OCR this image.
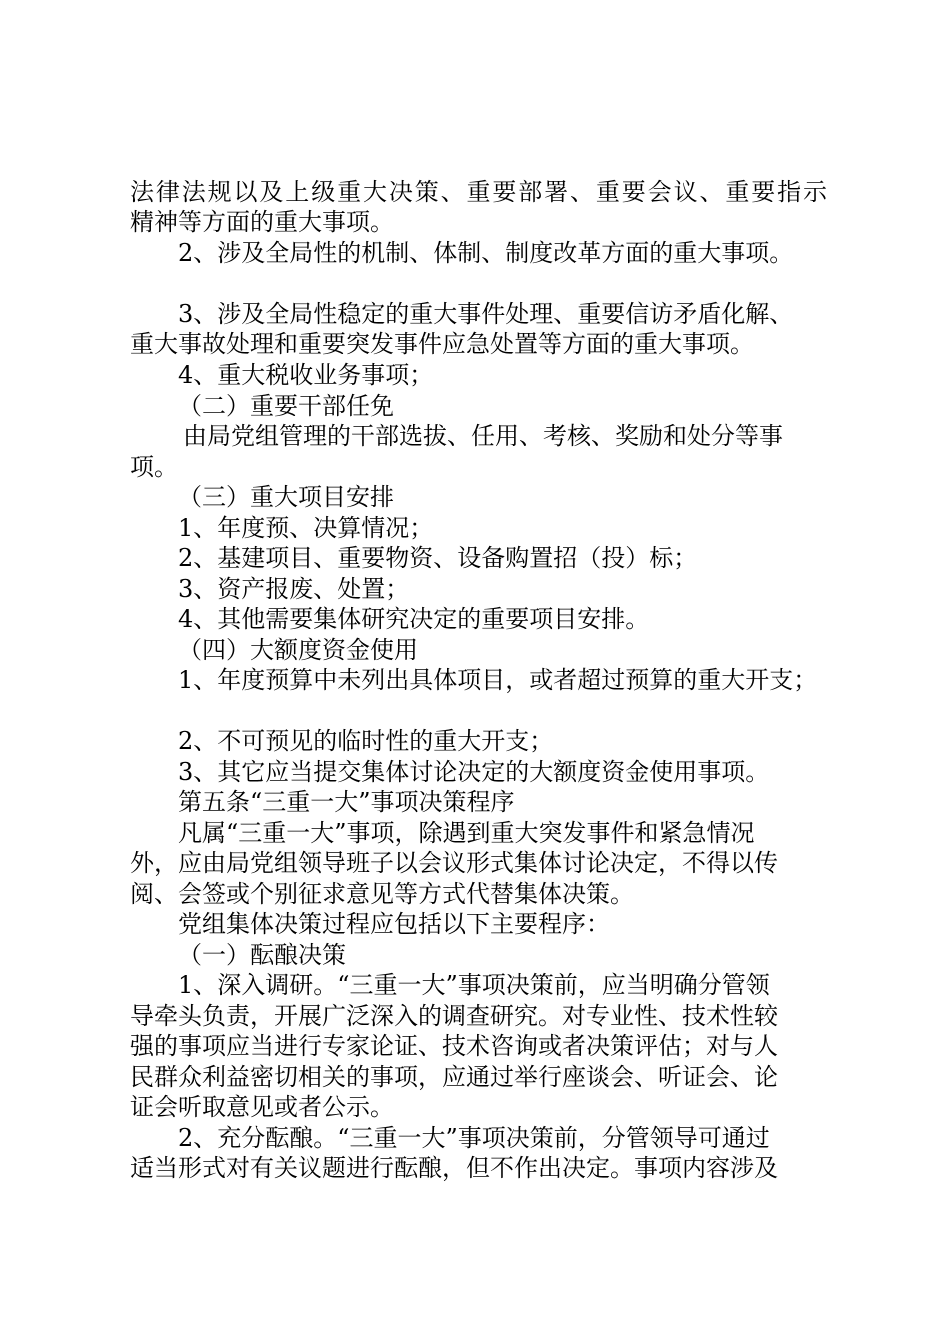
法律法规以及上级重大决策、重要部署、重要会议、重要指示
精神等方面的重大事项。
2、涉及全局性的机制、体制、制度改革方面的重大事项。
3、涉及全局性稳定的重大事件处理、重要信访矛盾化解、
重大事故处理和重要突发事件应急处置等方面的重大事项。
4、重大税收业务事项；
（二）重要干部任免
由局党组管理的干部选拔、任用、考核、奖励和处分等事
项。
（三）重大项目安排
1、年度预、决算情况；
2、基建项目、重要物资、设备购置招（投）标；
3、资产报废、处置；
4、其他需要集体研究决定的重要项目安排。
（四）大额度资金使用
1、年度预算中未列出具体项目，或者超过预算的重大开支；
2、不可预见的临时性的重大开支；
3、其它应当提交集体讨论决定的大额度资金使用事项。
第五条“三重一大”事项决策程序
凡属“三重一大”事项，除遇到重大突发事件和紧急情况
外，应由局党组领导班子以会议形式集体讨论决定，不得以传
阅、会签或个别征求意见等方式代替集体决策。
党组集体决策过程应包括以下主要程序：
（一）酝酿决策
1、深入调研。“三重一大”事项决策前，应当明确分管领
导牵头负责，开展广泛深入的调查研究。对专业性、技术性较
强的事项应当进行专家论证、技术咨询或者决策评估；对与人
民群众利益密切相关的事项，应通过举行座谈会、听证会、论
证会听取意见或者公示。
2、充分酝酿。“三重一大”事项决策前，分管领导可通过
适当形式对有关议题进行酝酿，但不作出决定。事项内容涉及
